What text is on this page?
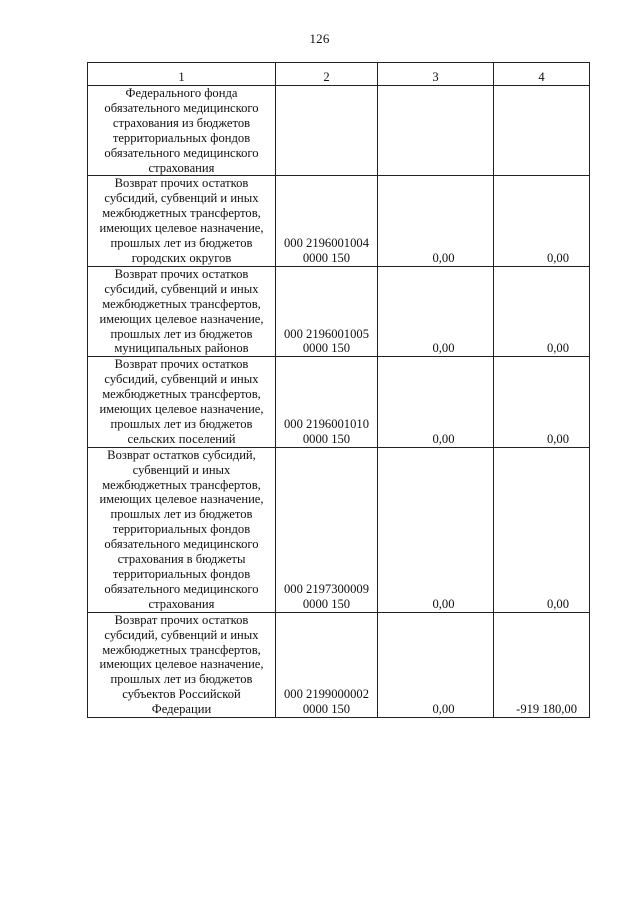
126
1	2	3	4
Федерального фонда обязательного медицинского страхования из бюджетов территориальных фондов обязательного медицинского страхования	

Возврат прочих остатков субсидий, субвенций и иных межбюджетных трансфертов, имеющих целевое назначение, прошлых лет из бюджетов городских округов	000 2196001004
0000 150	0,00	0,00
Возврат прочих остатков субсидий, субвенций и иных межбюджетных трансфертов, имеющих целевое назначение, прошлых лет из бюджетов муниципальных районов	000 2196001005
0000 150	0,00	0,00
Возврат прочих остатков субсидий, субвенций и иных межбюджетных трансфертов, имеющих целевое назначение, прошлых лет из бюджетов сельских поселений	000 2196001010
0000 150	0,00	0,00
Возврат остатков субсидий, субвенций и иных межбюджетных трансфертов, имеющих целевое назначение, прошлых лет из бюджетов территориальных фондов обязательного медицинского страхования в бюджеты территориальных фондов обязательного медицинского страхования	000 2197300009
0000 150	0,00	0,00
Возврат прочих остатков субсидий, субвенций и иных межбюджетных трансфертов, имеющих целевое назначение, прошлых лет из бюджетов субъектов Российской Федерации	000 2199000002
0000 150	0,00	-919 180,00
